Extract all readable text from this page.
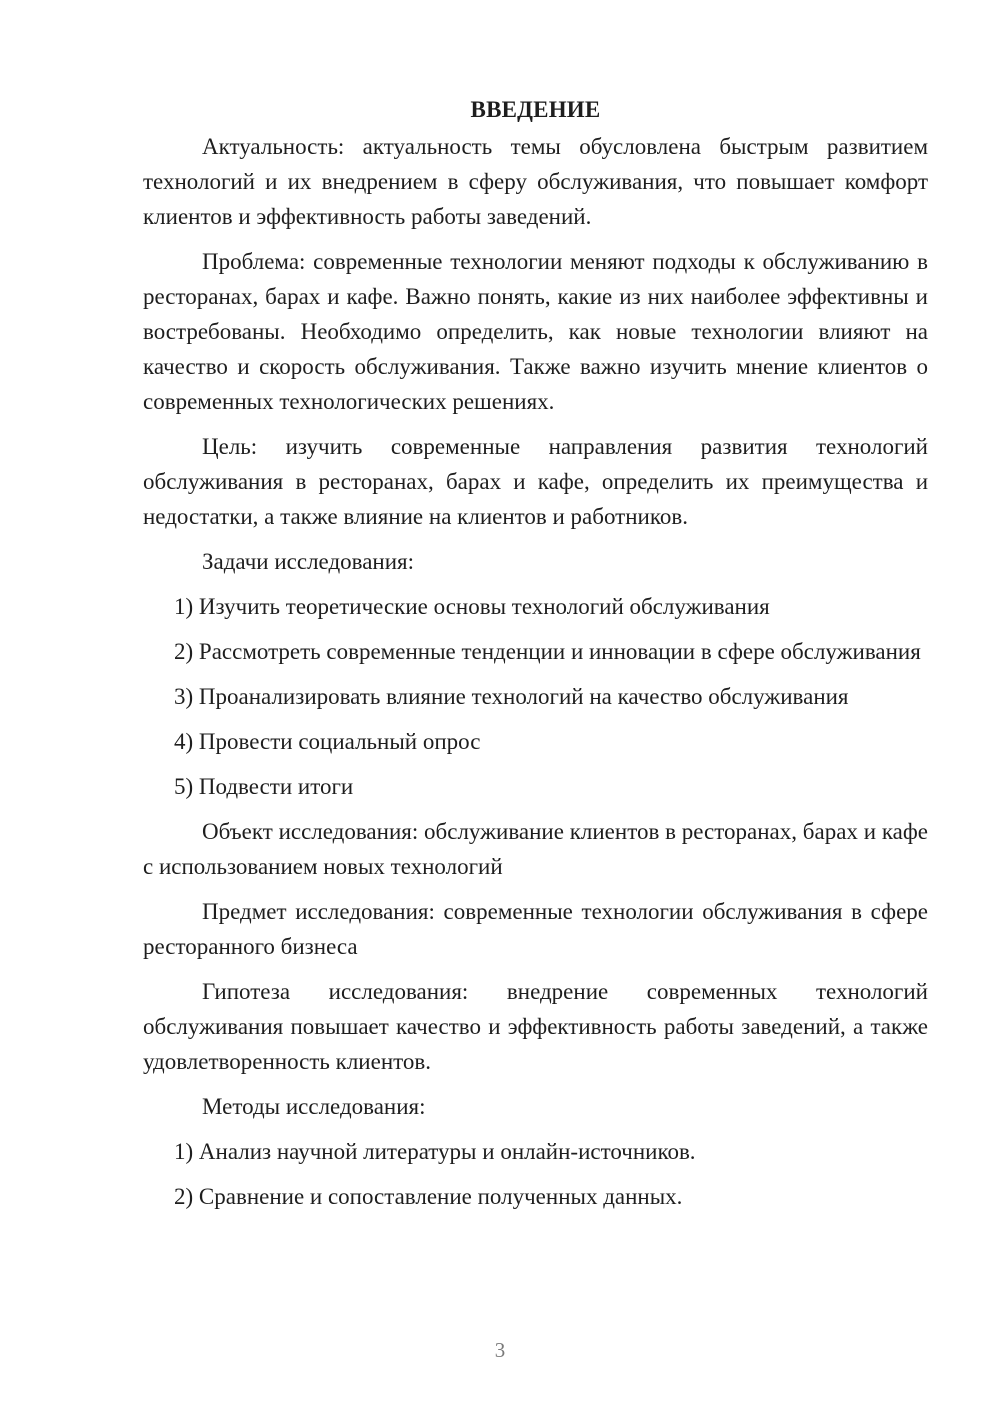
ВВЕДЕНИЕ

Актуальность: актуальность темы обусловлена быстрым развитием технологий и их внедрением в сферу обслуживания, что повышает комфорт клиентов и эффективность работы заведений.

Проблема: современные технологии меняют подходы к обслуживанию в ресторанах, барах и кафе. Важно понять, какие из них наиболее эффективны и востребованы. Необходимо определить, как новые технологии влияют на качество и скорость обслуживания. Также важно изучить мнение клиентов о современных технологических решениях.

Цель: изучить современные направления развития технологий обслуживания в ресторанах, барах и кафе, определить их преимущества и недостатки, а также влияние на клиентов и работников.

Задачи исследования:

1) Изучить теоретические основы технологий обслуживания

2) Рассмотреть современные тенденции и инновации в сфере обслуживания

3) Проанализировать влияние технологий на качество обслуживания

4) Провести социальный опрос

5) Подвести итоги

Объект исследования: обслуживание клиентов в ресторанах, барах и кафе с использованием новых технологий

Предмет исследования: современные технологии обслуживания в сфере ресторанного бизнеса

Гипотеза исследования: внедрение современных технологий обслуживания повышает качество и эффективность работы заведений, а также удовлетворенность клиентов.

Методы исследования:

1) Анализ научной литературы и онлайн-источников.

2) Сравнение и сопоставление полученных данных.

3
